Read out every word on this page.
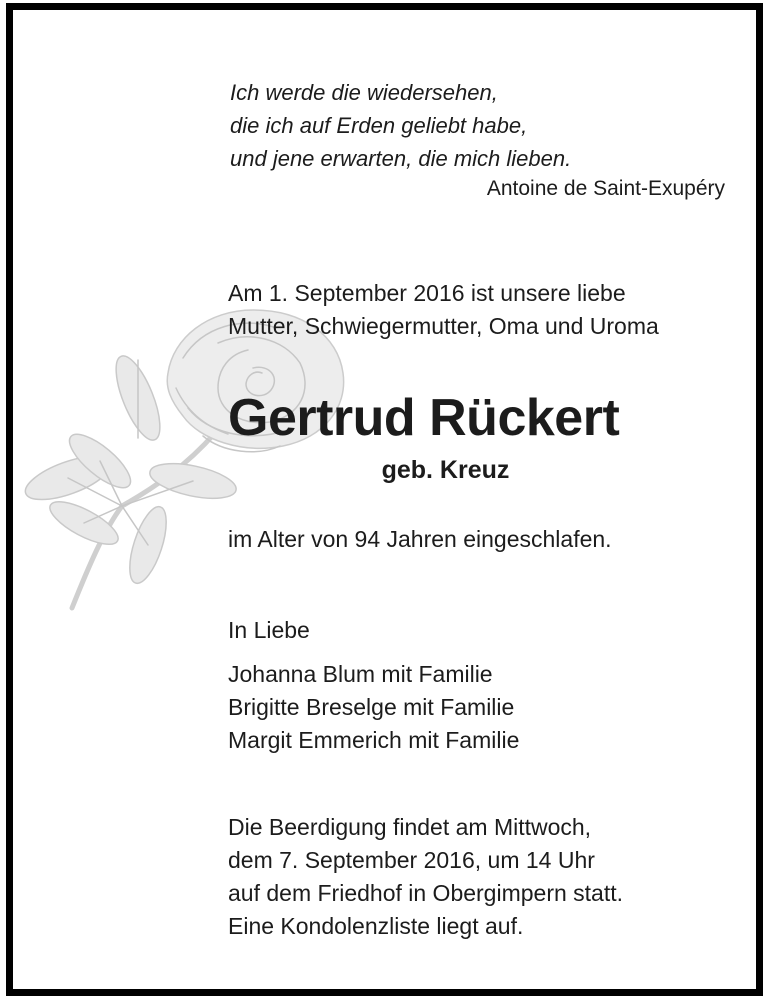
Ich werde die wiedersehen,
die ich auf Erden geliebt habe,
und jene erwarten, die mich lieben.
Antoine de Saint-Exupéry
Am 1. September 2016 ist unsere liebe
Mutter, Schwiegermutter, Oma und Uroma
Gertrud Rückert
geb. Kreuz
im Alter von 94 Jahren eingeschlafen.
In Liebe
Johanna Blum mit Familie
Brigitte Breselge mit Familie
Margit Emmerich mit Familie
Die Beerdigung findet am Mittwoch,
dem 7. September 2016, um 14 Uhr
auf dem Friedhof in Obergimpern statt.
Eine Kondolenzliste liegt auf.
